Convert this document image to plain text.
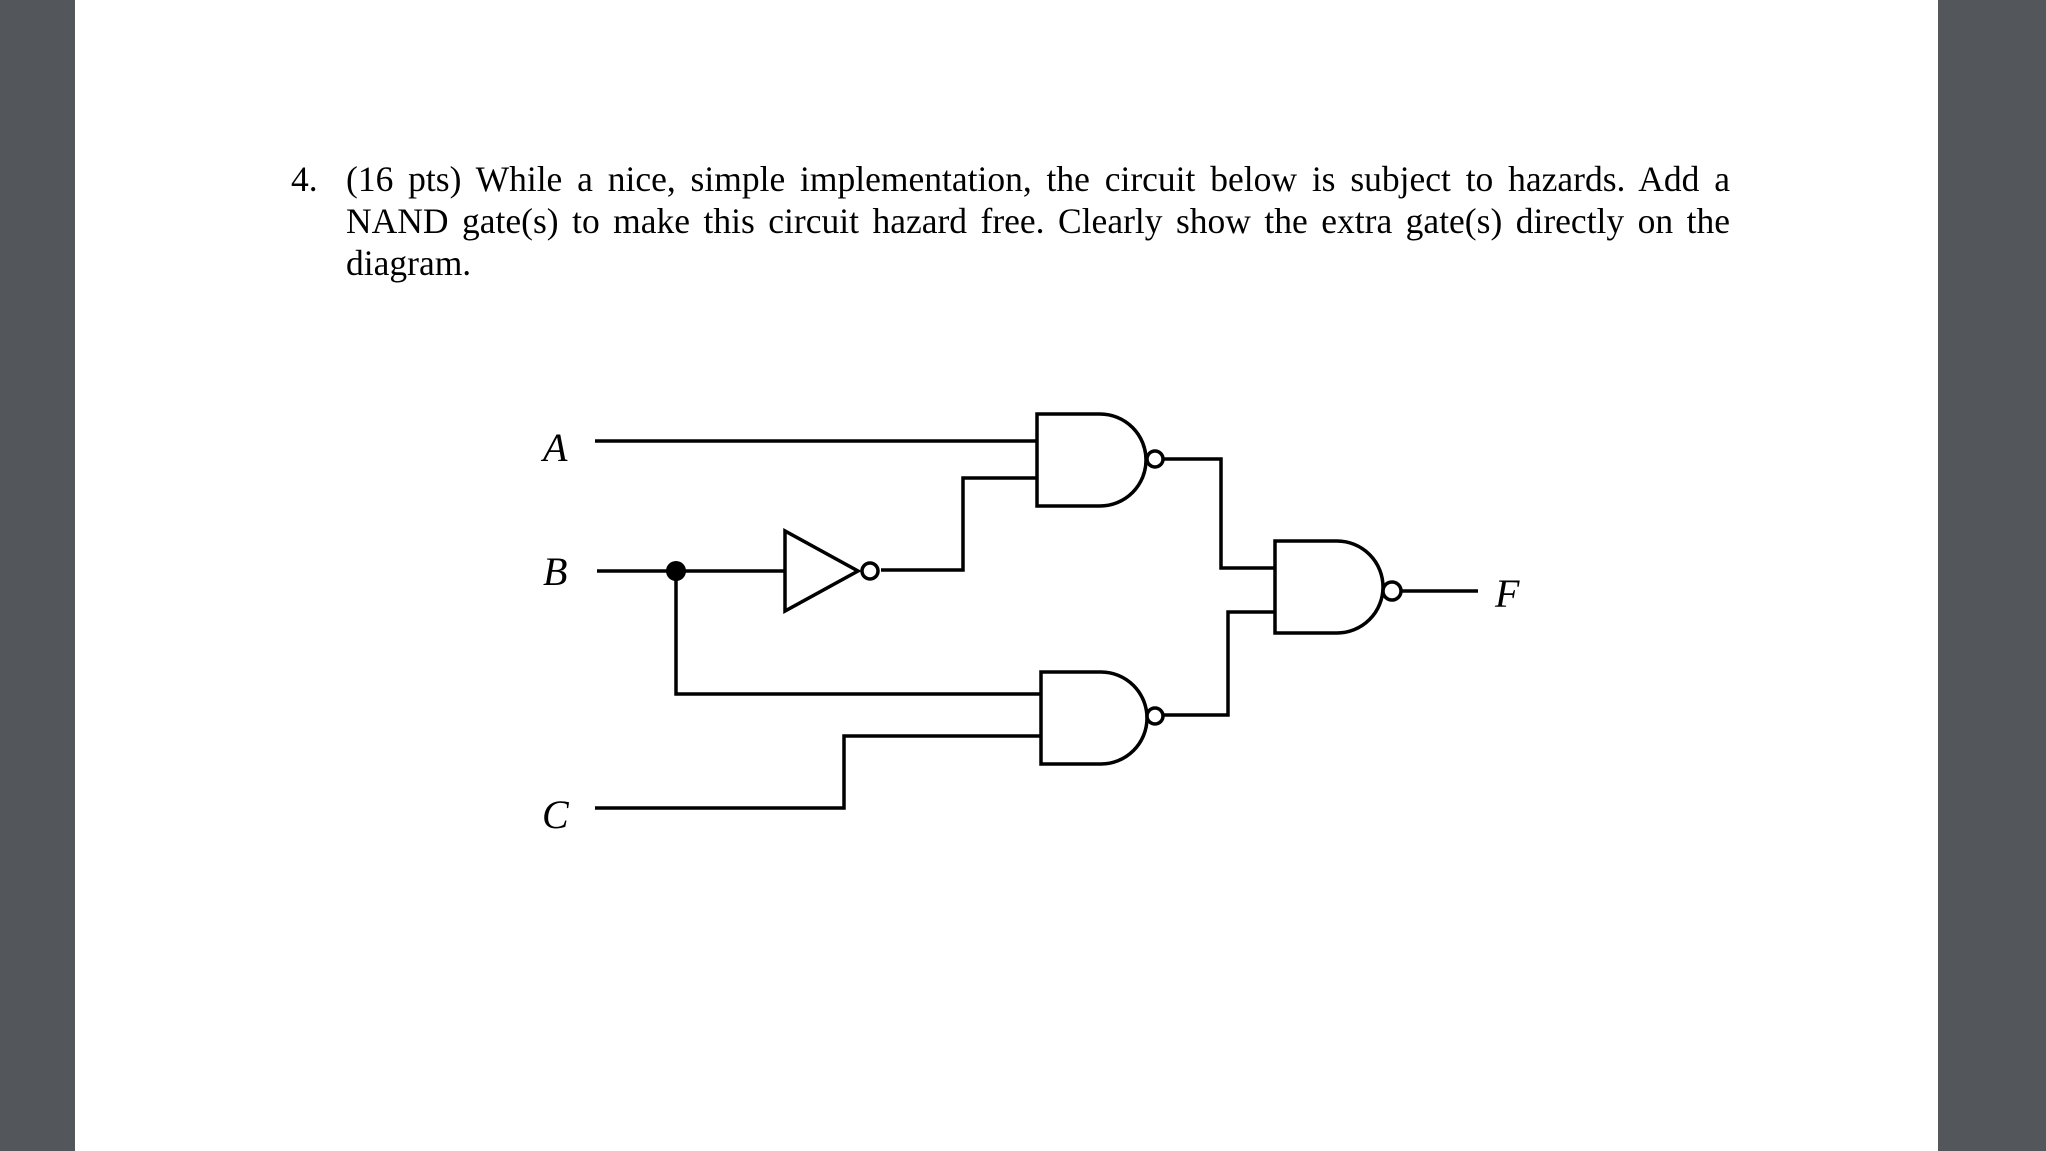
4. (16 pts) While a nice, simple implementation, the circuit below is subject to hazards. Add a NAND gate(s) to make this circuit hazard free. Clearly show the extra gate(s) directly on the diagram.
A
B
C
F
